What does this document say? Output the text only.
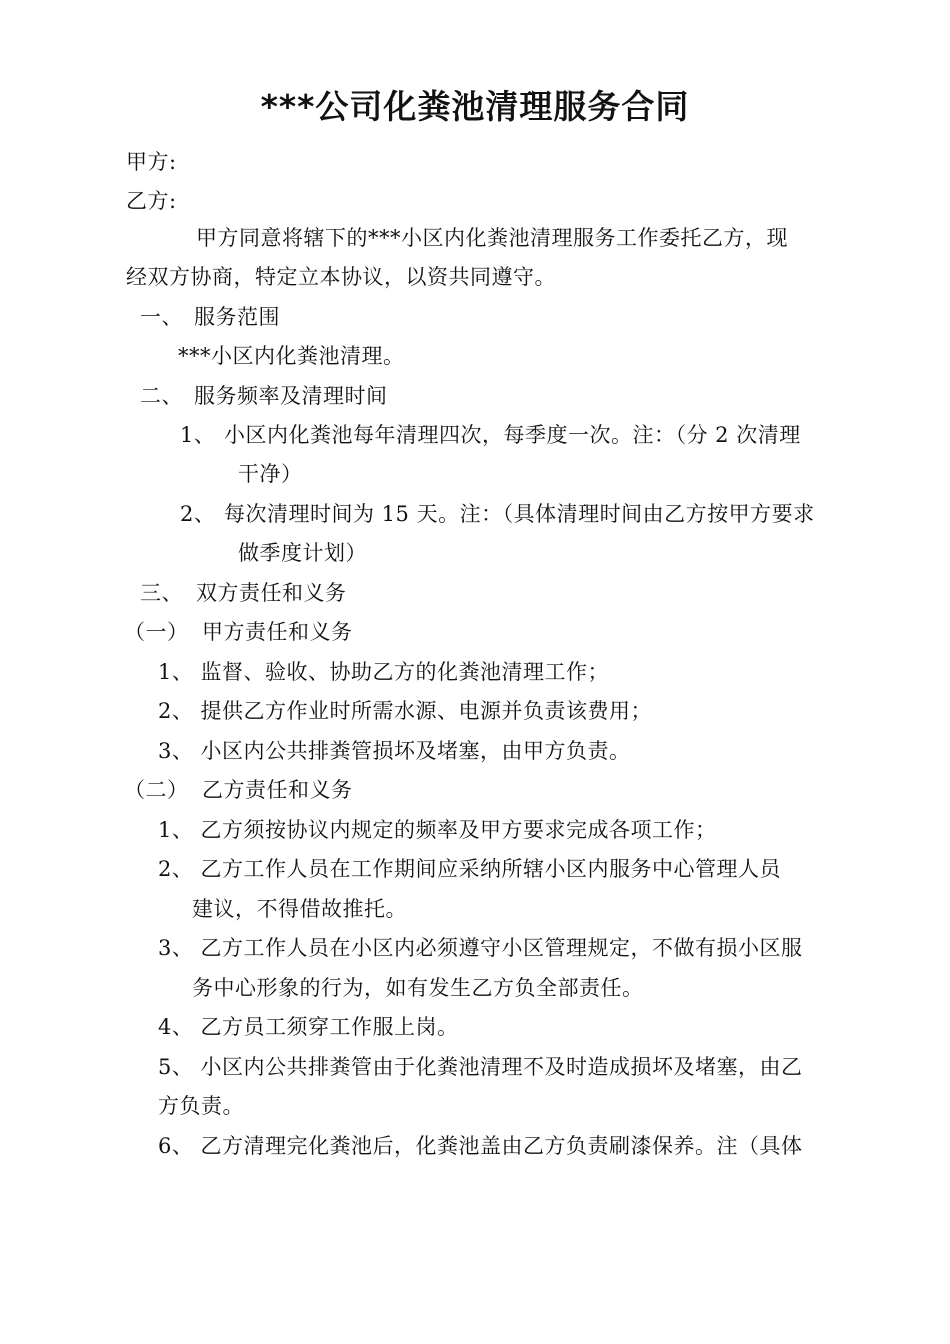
***公司化粪池清理服务合同
甲方:
乙方:
甲方同意将辖下的***小区内化粪池清理服务工作委托乙方，现
经双方协商，特定立本协议，以资共同遵守。
一、 服务范围
***小区内化粪池清理。
二、 服务频率及清理时间
1、 小区内化粪池每年清理四次，每季度一次。注：（分 2 次清理
干净）
2、 每次清理时间为 15 天。注：（具体清理时间由乙方按甲方要求
做季度计划）
三、 双方责任和义务
（一） 甲方责任和义务
1、 监督、验收、协助乙方的化粪池清理工作；
2、 提供乙方作业时所需水源、电源并负责该费用；
3、 小区内公共排粪管损坏及堵塞，由甲方负责。
（二） 乙方责任和义务
1、 乙方须按协议内规定的频率及甲方要求完成各项工作；
2、 乙方工作人员在工作期间应采纳所辖小区内服务中心管理人员
建议，不得借故推托。
3、 乙方工作人员在小区内必须遵守小区管理规定，不做有损小区服
务中心形象的行为，如有发生乙方负全部责任。
4、 乙方员工须穿工作服上岗。
5、 小区内公共排粪管由于化粪池清理不及时造成损坏及堵塞，由乙
方负责。
6、 乙方清理完化粪池后，化粪池盖由乙方负责刷漆保养。注（具体
